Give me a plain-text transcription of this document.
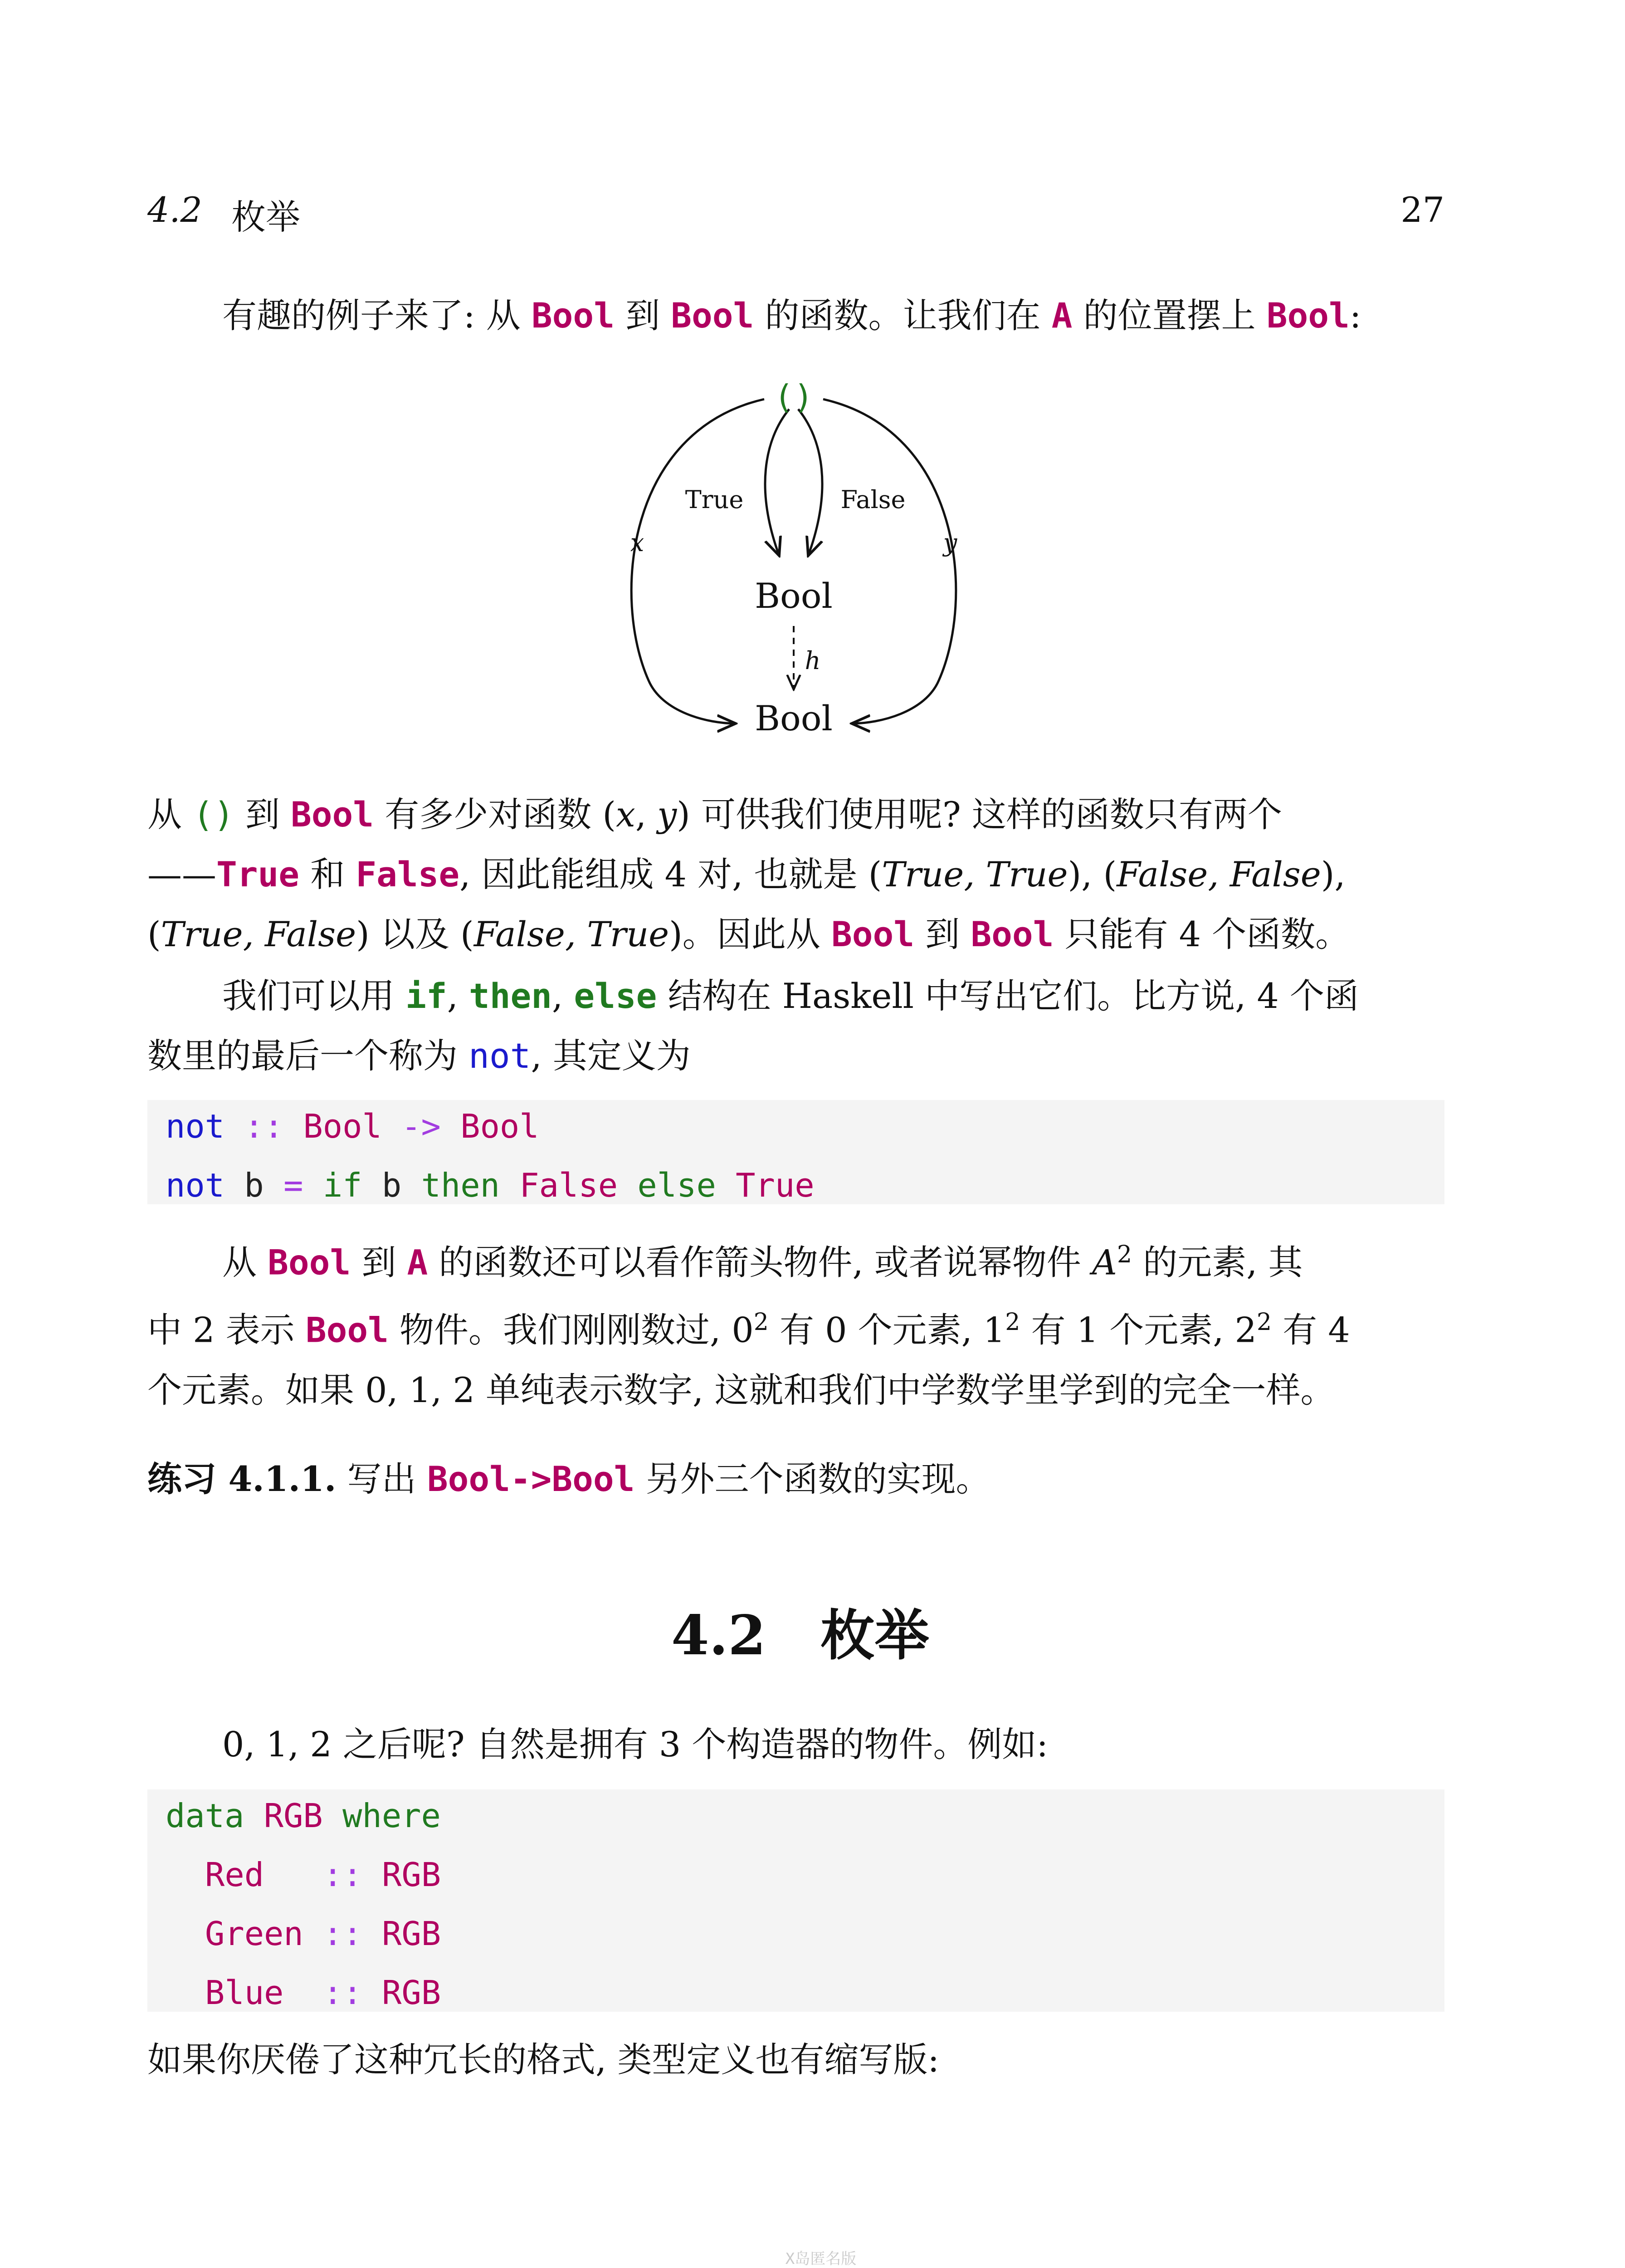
4.2 枚举	27
有趣的例子来了: 从 Bool 到 Bool 的函数。让我们在 A 的位置摆上 Bool:
()
Bool
Bool
True	False
x	y
h
从 () 到 Bool 有多少对函数 (x, y) 可供我们使用呢? 这样的函数只有两个
——True 和 False, 因此能组成 4 对, 也就是 (True, True), (False, False),
(True, False) 以及 (False, True)。因此从 Bool 到 Bool 只能有 4 个函数。
我们可以用 if, then, else 结构在 Haskell 中写出它们。比方说, 4 个函
数里的最后一个称为 not, 其定义为
not :: Bool -> Bool
not b = if b then False else True
从 Bool 到 A 的函数还可以看作箭头物件, 或者说幂物件 $A^2$ 的元素, 其
中 2 表示 Bool 物件。我们刚刚数过, $0^2$ 有 0 个元素, $1^2$ 有 1 个元素, $2^2$ 有 4
个元素。如果 0, 1, 2 单纯表示数字, 这就和我们中学数学里学到的完全一样。
练习 4.1.1. 写出 Bool->Bool 另外三个函数的实现。
4.2 枚举
0, 1, 2 之后呢? 自然是拥有 3 个构造器的物件。例如:
data RGB where
Red :: RGB
Green :: RGB
Blue :: RGB
如果你厌倦了这种冗长的格式, 类型定义也有缩写版:
X岛匿名版
